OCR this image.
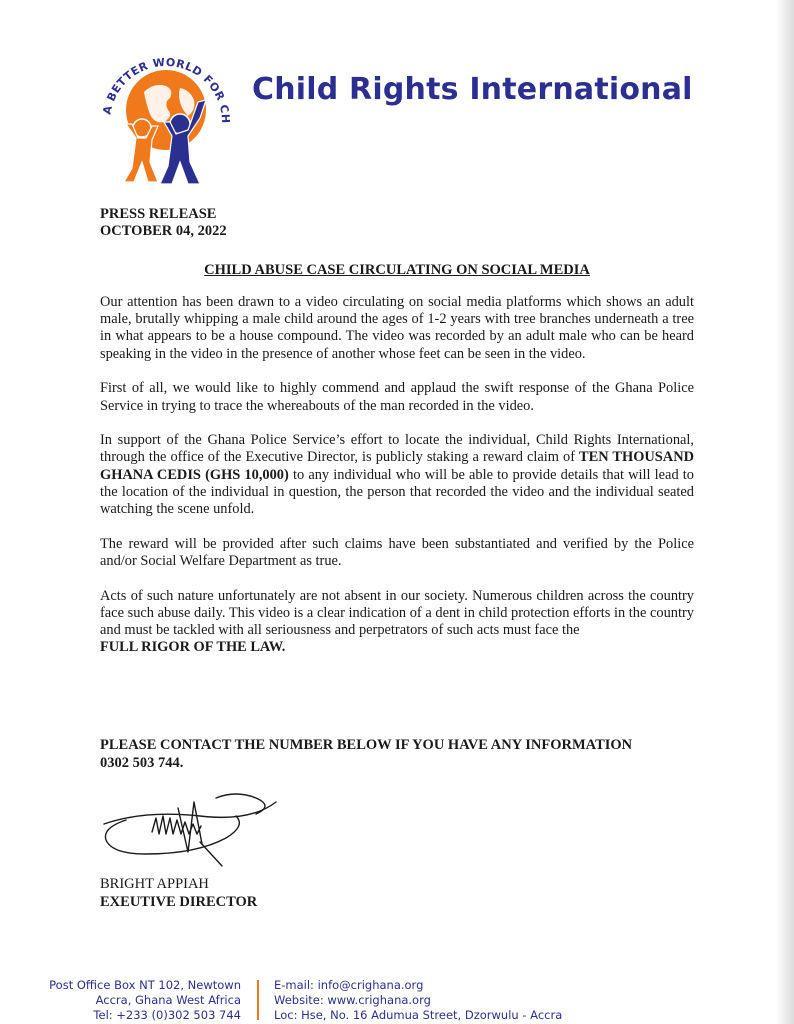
A BETTER WORLD FOR CH
Child Rights International
PRESS RELEASE
OCTOBER 04, 2022
CHILD ABUSE CASE CIRCULATING ON SOCIAL MEDIA

Our attention has been drawn to a video circulating on social media platforms which shows an adult male, brutally whipping a male child around the ages of 1-2 years with tree branches underneath a tree in what appears to be a house compound. The video was recorded by an adult male who can be heard speaking in the video in the presence of another whose feet can be seen in the video.

First of all, we would like to highly commend and applaud the swift response of the Ghana Police Service in trying to trace the whereabouts of the man recorded in the video.

In support of the Ghana Police Service’s effort to locate the individual, Child Rights International, through the office of the Executive Director, is publicly staking a reward claim of TEN THOUSAND GHANA CEDIS (GHS 10,000) to any individual who will be able to provide details that will lead to the location of the individual in question, the person that recorded the video and the individual seated watching the scene unfold.

The reward will be provided after such claims have been substantiated and verified by the Police and/or Social Welfare Department as true.

Acts of such nature unfortunately are not absent in our society. Numerous children across the country face such abuse daily. This video is a clear indication of a dent in child protection efforts in the country and must be tackled with all seriousness and perpetrators of such acts must face the
FULL RIGOR OF THE LAW.

PLEASE CONTACT THE NUMBER BELOW IF YOU HAVE ANY INFORMATION
0302 503 744.
BRIGHT APPIAH
EXEUTIVE DIRECTOR
Post Office Box NT 102, Newtown
Accra, Ghana West Africa
Tel: +233 (0)302 503 744
E-mail: info@crighana.org
Website: www.crighana.org
Loc: Hse, No. 16 Adumua Street, Dzorwulu - Accra
